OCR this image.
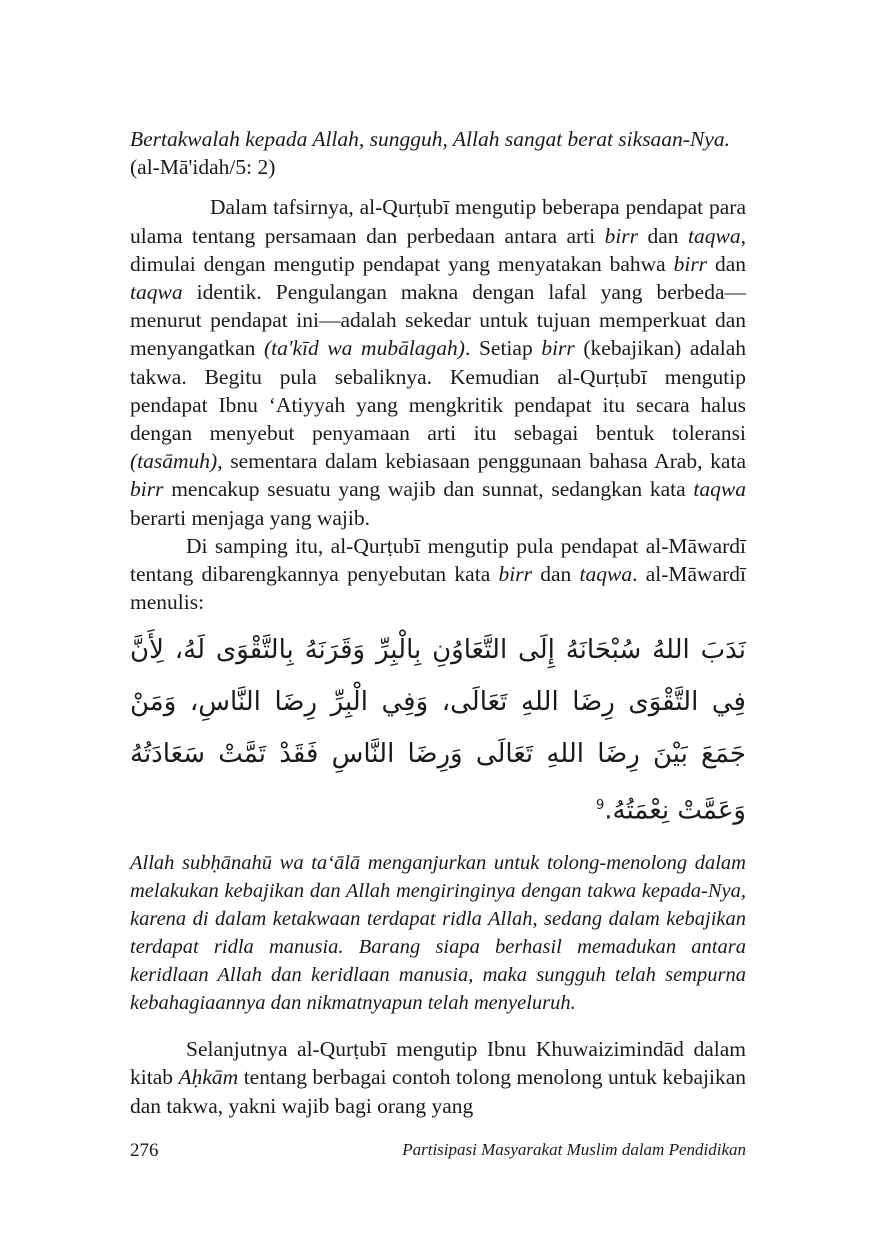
Bertakwalah kepada Allah, sungguh, Allah sangat berat siksaan-Nya.

(al-Mā'idah/5: 2)

Dalam tafsirnya, al-Qurṭubī mengutip beberapa pendapat para ulama tentang persamaan dan perbedaan antara arti birr dan taqwa, dimulai dengan mengutip pendapat yang menyatakan bahwa birr dan taqwa identik. Pengulangan makna dengan lafal yang berbeda—menurut pendapat ini—adalah sekedar untuk tujuan memperkuat dan menyangatkan (ta'kīd wa mubālagah). Setiap birr (kebajikan) adalah takwa. Begitu pula sebaliknya. Kemudian al-Qurṭubī mengutip pendapat Ibnu ‘Atiyyah yang mengkritik pendapat itu secara halus dengan menyebut penyamaan arti itu sebagai bentuk toleransi (tasāmuh), sementara dalam kebiasaan penggunaan bahasa Arab, kata birr mencakup sesuatu yang wajib dan sunnat, sedangkan kata taqwa berarti menjaga yang wajib.

Di samping itu, al-Qurṭubī mengutip pula pendapat al-Māwardī tentang dibarengkannya penyebutan kata birr dan taqwa. al-Māwardī menulis:

نَدَبَ اللهُ سُبْحَانَهُ إِلَى التَّعَاوُنِ بِالْبِرِّ وَقَرَنَهُ بِالتَّقْوَى لَهُ، لِأَنَّ فِي التَّقْوَى رِضَا اللهِ تَعَالَى، وَفِي الْبِرِّ رِضَا النَّاسِ، وَمَنْ جَمَعَ بَيْنَ رِضَا اللهِ تَعَالَى وَرِضَا النَّاسِ فَقَدْ تَمَّتْ سَعَادَتُهُ وَعَمَّتْ نِعْمَتُهُ.$^9$

Allah subḥānahū wa ta‘ālā menganjurkan untuk tolong-menolong dalam melakukan kebajikan dan Allah mengiringinya dengan takwa kepada-Nya, karena di dalam ketakwaan terdapat ridla Allah, sedang dalam kebajikan terdapat ridla manusia. Barang siapa berhasil memadukan antara keridlaan Allah dan keridlaan manusia, maka sungguh telah sempurna kebahagiaannya dan nikmatnyapun telah menyeluruh.

Selanjutnya al-Qurṭubī mengutip Ibnu Khuwaizimindād dalam kitab Aḥkām tentang berbagai contoh tolong menolong untuk kebajikan dan takwa, yakni wajib bagi orang yang

276	Partisipasi Masyarakat Muslim dalam Pendidikan
